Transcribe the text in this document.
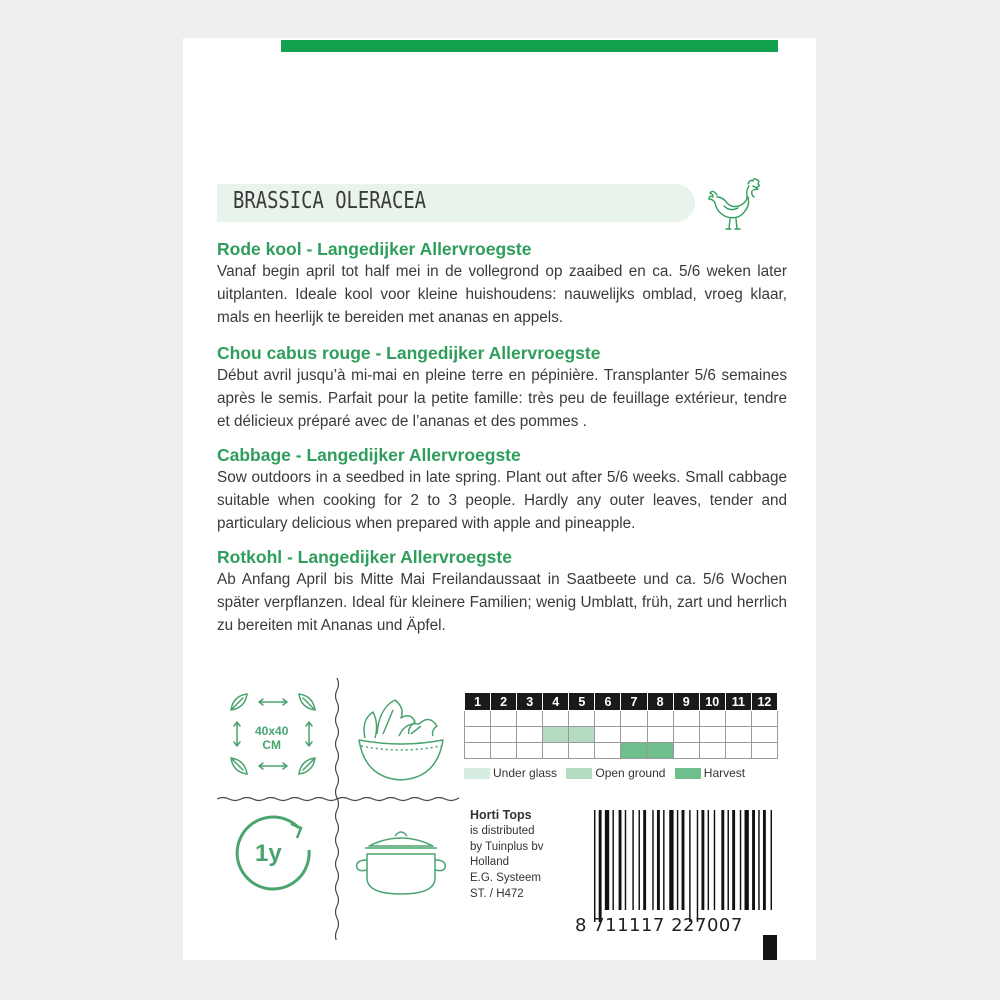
BRASSICA OLERACEA
Rode kool - Langedijker Allervroegste

Vanaf begin april tot half mei in de vollegrond op zaaibed en ca. 5/6 weken later uitplanten. Ideale kool voor kleine huishoudens: nauwelijks omblad, vroeg klaar, mals en heerlijk te bereiden met ananas en appels.

Chou cabus rouge - Langedijker Allervroegste

Début avril jusqu’à mi-mai en pleine terre en pépinière. Transplanter 5/6 semaines après le semis. Parfait pour la petite famille: très peu de feuillage extérieur, tendre et délicieux préparé avec de l’ananas et des pommes .

Cabbage - Langedijker Allervroegste

Sow outdoors in a seedbed in late spring. Plant out after 5/6 weeks. Small cabbage suitable when cooking for 2 to 3 people. Hardly any outer leaves, tender and particulary delicious when prepared with apple and pineapple.

Rotkohl - Langedijker Allervroegste

Ab Anfang April bis Mitte Mai Freilandaussaat in Saatbeete und ca. 5/6 Wochen später verpflanzen. Ideal für kleinere Familien; wenig Umblatt, früh, zart und herrlich zu bereiten mit Ananas und Äpfel.

40x40
CM
1y
1	2	3	4	5	6	7	8	9	10	11	12

Under glass	Open ground	Harvest
Horti Tops
is distributed
by Tuinplus bv
Holland
E.G. Systeem
ST. / H472
8 711117 227007
